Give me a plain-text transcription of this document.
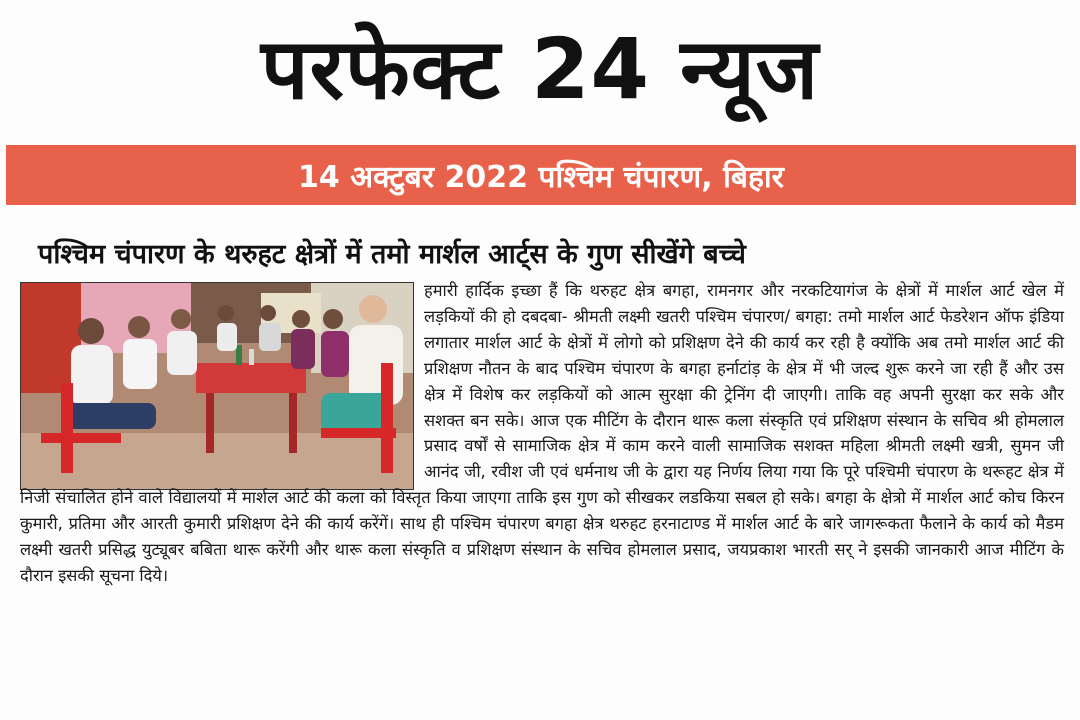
परफेक्ट 24 न्यूज
14 अक्टुबर 2022 पश्चिम चंपारण, बिहार
पश्चिम चंपारण के थरुहट क्षेत्रों में तमो मार्शल आर्ट्स के गुण सीखेंगे बच्चे
हमारी हार्दिक इच्छा हैं कि थरुहट क्षेत्र बगहा, रामनगर और नरकटियागंज के क्षेत्रों में मार्शल आर्ट खेल में लड़कियों की हो दबदबा- श्रीमती लक्ष्मी खतरी पश्चिम चंपारण/ बगहा: तमो मार्शल आर्ट फेडरेशन ऑफ इंडिया लगातार मार्शल आर्ट के क्षेत्रों में लोगो को प्रशिक्षण देने की कार्य कर रही है क्योंकि अब तमो मार्शल आर्ट की प्रशिक्षण नौतन के बाद पश्चिम चंपारण के बगहा हर्नाटांड़ के क्षेत्र में भी जल्द शुरू करने जा रही हैं और उस क्षेत्र में विशेष कर लड़कियों को आत्म सुरक्षा की ट्रेनिंग दी जाएगी। ताकि वह अपनी सुरक्षा कर सके और सशक्त बन सके। आज एक मीटिंग के दौरान थारू कला संस्कृति एवं प्रशिक्षण संस्थान के सचिव श्री होमलाल प्रसाद वर्षों से सामाजिक क्षेत्र में काम करने वाली सामाजिक सशक्त महिला श्रीमती लक्ष्मी खत्री, सुमन जी आनंद जी, रवीश जी एवं धर्मनाथ जी के द्वारा यह निर्णय लिया गया कि पूरे पश्चिमी चंपारण के थरूहट क्षेत्र में निजी संचालित होने वाले विद्यालयों में मार्शल आर्ट की कला को विस्तृत किया जाएगा ताकि इस गुण को सीखकर लडकिया सबल हो सके। बगहा के क्षेत्रो में मार्शल आर्ट कोच किरन कुमारी, प्रतिमा और आरती कुमारी प्रशिक्षण देने की कार्य करेंगें। साथ ही पश्चिम चंपारण बगहा क्षेत्र थरुहट हरनाटाण्ड में मार्शल आर्ट के बारे जागरूकता फैलाने के कार्य को मैडम लक्ष्मी खतरी प्रसिद्ध युट्यूबर बबिता थारू करेंगी और थारू कला संस्कृति व प्रशिक्षण संस्थान के सचिव होमलाल प्रसाद, जयप्रकाश भारती सर् ने इसकी जानकारी आज मीटिंग के दौरान इसकी सूचना दिये।
